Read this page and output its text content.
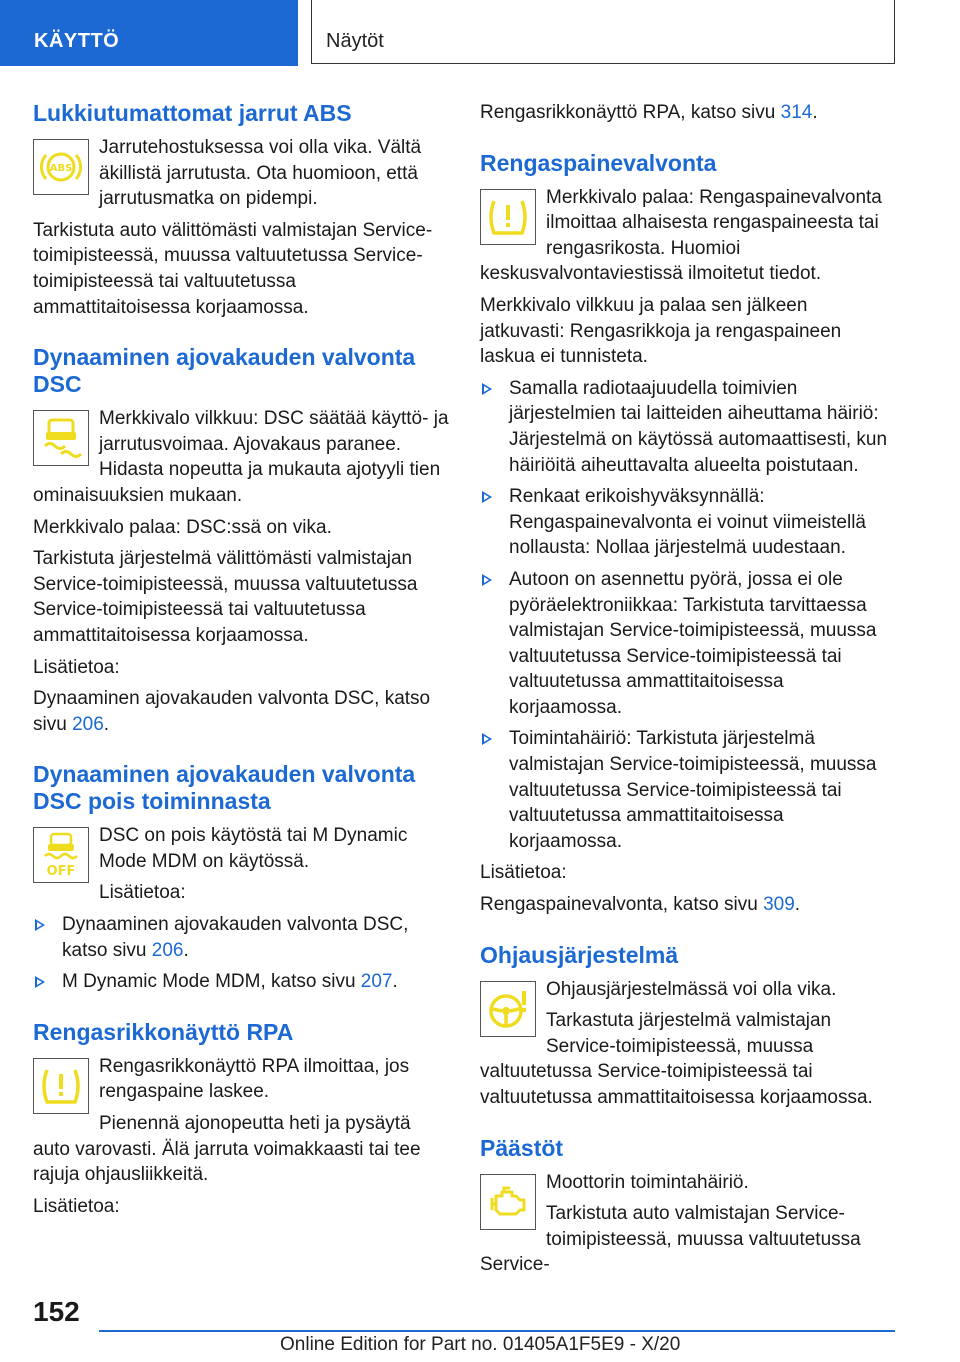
KÄYTTÖ	Näytöt
Lukkiutumattomat jarrut ABS
ABS

Jarrutehostuksessa voi olla vika. Vältä äkillistä jarrutusta. Ota huomioon, että jarrutusmatka on pidempi.

Tarkistuta auto välittömästi valmistajan Service-toimipisteessä, muussa valtuutetussa Service-toimipisteessä tai valtuutetussa ammattitaitoisessa korjaamossa.

Dynaaminen ajovakauden valvonta DSC

Merkkivalo vilkkuu: DSC säätää käyttö- ja jarrutusvoimaa. Ajovakaus paranee. Hidasta nopeutta ja mukauta ajotyyli tien ominaisuuksien mukaan.

Merkkivalo palaa: DSC:ssä on vika.

Tarkistuta järjestelmä välittömästi valmistajan Service-toimipisteessä, muussa valtuutetussa Service-toimipisteessä tai valtuutetussa ammattitaitoisessa korjaamossa.

Lisätietoa:

Dynaaminen ajovakauden valvonta DSC, katso sivu 206.

Dynaaminen ajovakauden valvonta DSC pois toiminnasta
OFF

DSC on pois käytöstä tai M Dynamic Mode MDM on käytössä.

Lisätietoa:

Dynaaminen ajovakauden valvonta DSC, katso sivu 206.
M Dynamic Mode MDM, katso sivu 207.
Rengasrikkonäyttö RPA

Rengasrikkonäyttö RPA ilmoittaa, jos rengaspaine laskee.

Pienennä ajonopeutta heti ja pysäytä auto varovasti. Älä jarruta voimakkaasti tai tee rajuja ohjausliikkeitä.

Lisätietoa:

Rengasrikkonäyttö RPA, katso sivu 314.

Rengaspainevalvonta

Merkkivalo palaa: Rengaspainevalvonta ilmoittaa alhaisesta rengaspaineesta tai rengasrikosta. Huomioi keskusvalvontaviestissä ilmoitetut tiedot.

Merkkivalo vilkkuu ja palaa sen jälkeen jatkuvasti: Rengasrikkoja ja rengaspaineen laskua ei tunnisteta.

Samalla radiotaajuudella toimivien järjestelmien tai laitteiden aiheuttama häiriö: Järjestelmä on käytössä automaattisesti, kun häiriöitä aiheuttavalta alueelta poistutaan.
Renkaat erikoishyväksynnällä: Rengaspainevalvonta ei voinut viimeistellä nollausta: Nollaa järjestelmä uudestaan.
Autoon on asennettu pyörä, jossa ei ole pyöräelektroniikkaa: Tarkistuta tarvittaessa valmistajan Service-toimipisteessä, muussa valtuutetussa Service-toimipisteessä tai valtuutetussa ammattitaitoisessa korjaamossa.
Toimintahäiriö: Tarkistuta järjestelmä valmistajan Service-toimipisteessä, muussa valtuutetussa Service-toimipisteessä tai valtuutetussa ammattitaitoisessa korjaamossa.

Lisätietoa:

Rengaspainevalvonta, katso sivu 309.

Ohjausjärjestelmä

Ohjausjärjestelmässä voi olla vika.

Tarkastuta järjestelmä valmistajan Service-toimipisteessä, muussa valtuutetussa Service-toimipisteessä tai valtuutetussa ammattitaitoisessa korjaamossa.

Päästöt

Moottorin toimintahäiriö.

Tarkistuta auto valmistajan Service-toimipisteessä, muussa valtuutetussa Service-

152
Online Edition for Part no. 01405A1F5E9 - X/20
